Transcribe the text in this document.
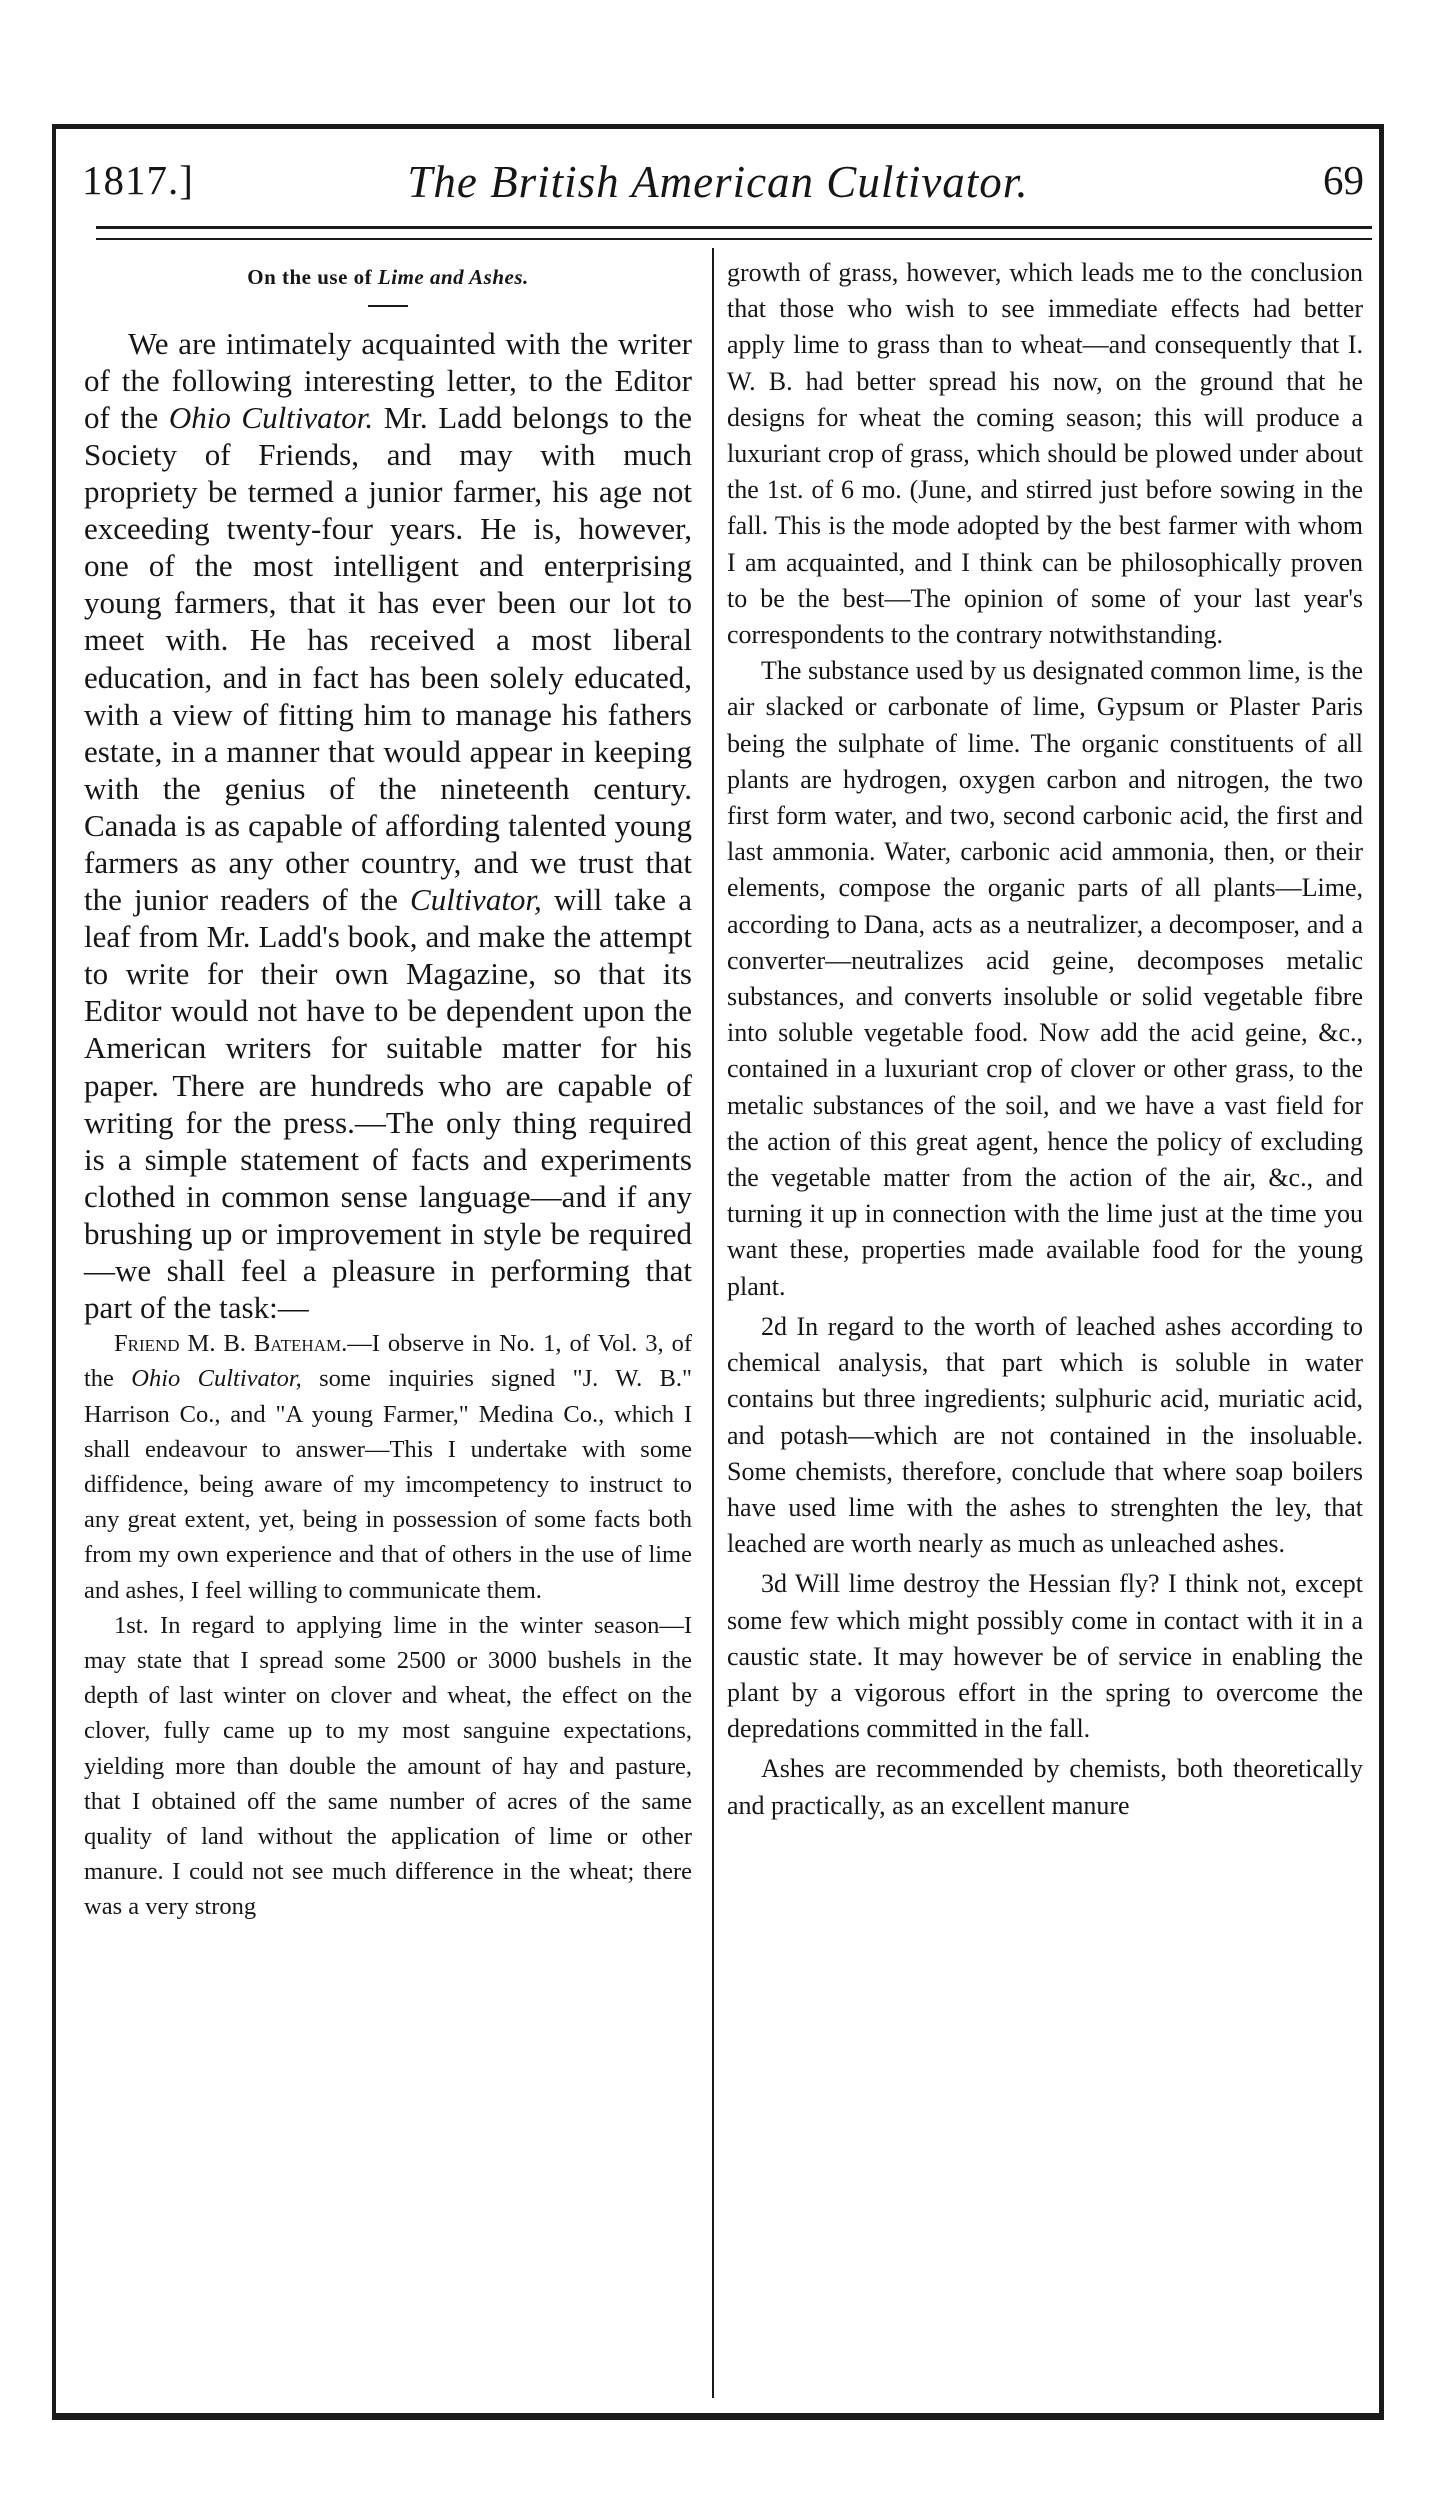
1817.]	The British American Cultivator.	69
On the use of Lime and Ashes.

We are intimately acquainted with the writer of the following interesting letter, to the Editor of the Ohio Cultivator. Mr. Ladd belongs to the Society of Friends, and may with much propriety be termed a junior farmer, his age not exceeding twenty-four years. He is, however, one of the most intelligent and enterprising young farmers, that it has ever been our lot to meet with. He has received a most liberal education, and in fact has been solely educated, with a view of fitting him to manage his fathers estate, in a manner that would appear in keeping with the genius of the nineteenth century. Canada is as capable of affording talented young farmers as any other country, and we trust that the junior readers of the Cultivator, will take a leaf from Mr. Ladd's book, and make the attempt to write for their own Magazine, so that its Editor would not have to be dependent upon the American writers for suitable matter for his paper. There are hundreds who are capable of writing for the press.—The only thing required is a simple statement of facts and experiments clothed in common sense language—and if any brushing up or improvement in style be required—we shall feel a pleasure in performing that part of the task:—

Friend M. B. Bateham.—I observe in No. 1, of Vol. 3, of the Ohio Cultivator, some inquiries signed "J. W. B." Harrison Co., and "A young Farmer," Medina Co., which I shall endeavour to answer—This I undertake with some diffidence, being aware of my imcompetency to instruct to any great extent, yet, being in possession of some facts both from my own experience and that of others in the use of lime and ashes, I feel willing to communicate them.

1st. In regard to applying lime in the winter season—I may state that I spread some 2500 or 3000 bushels in the depth of last winter on clover and wheat, the effect on the clover, fully came up to my most sanguine expectations, yielding more than double the amount of hay and pasture, that I obtained off the same number of acres of the same quality of land without the application of lime or other manure. I could not see much difference in the wheat; there was a very strong

growth of grass, however, which leads me to the conclusion that those who wish to see immediate effects had better apply lime to grass than to wheat—and consequently that I. W. B. had better spread his now, on the ground that he designs for wheat the coming season; this will produce a luxuriant crop of grass, which should be plowed under about the 1st. of 6 mo. (June, and stirred just before sowing in the fall. This is the mode adopted by the best farmer with whom I am acquainted, and I think can be philosophically proven to be the best—The opinion of some of your last year's correspondents to the contrary notwithstanding.

The substance used by us designated common lime, is the air slacked or carbonate of lime, Gypsum or Plaster Paris being the sulphate of lime. The organic constituents of all plants are hydrogen, oxygen carbon and nitrogen, the two first form water, and two, second carbonic acid, the first and last ammonia. Water, carbonic acid ammonia, then, or their elements, compose the organic parts of all plants—Lime, according to Dana, acts as a neutralizer, a decomposer, and a converter—neutralizes acid geine, decomposes metalic substances, and converts insoluble or solid vegetable fibre into soluble vegetable food. Now add the acid geine, &c., contained in a luxuriant crop of clover or other grass, to the metalic substances of the soil, and we have a vast field for the action of this great agent, hence the policy of excluding the vegetable matter from the action of the air, &c., and turning it up in connection with the lime just at the time you want these, properties made available food for the young plant.

2d In regard to the worth of leached ashes according to chemical analysis, that part which is soluble in water contains but three ingredients; sulphuric acid, muriatic acid, and potash—which are not contained in the insoluable. Some chemists, therefore, conclude that where soap boilers have used lime with the ashes to strenghten the ley, that leached are worth nearly as much as unleached ashes.

3d Will lime destroy the Hessian fly? I think not, except some few which might possibly come in contact with it in a caustic state. It may however be of service in enabling the plant by a vigorous effort in the spring to overcome the depredations committed in the fall.

Ashes are recommended by chemists, both theoretically and practically, as an excellent manure
